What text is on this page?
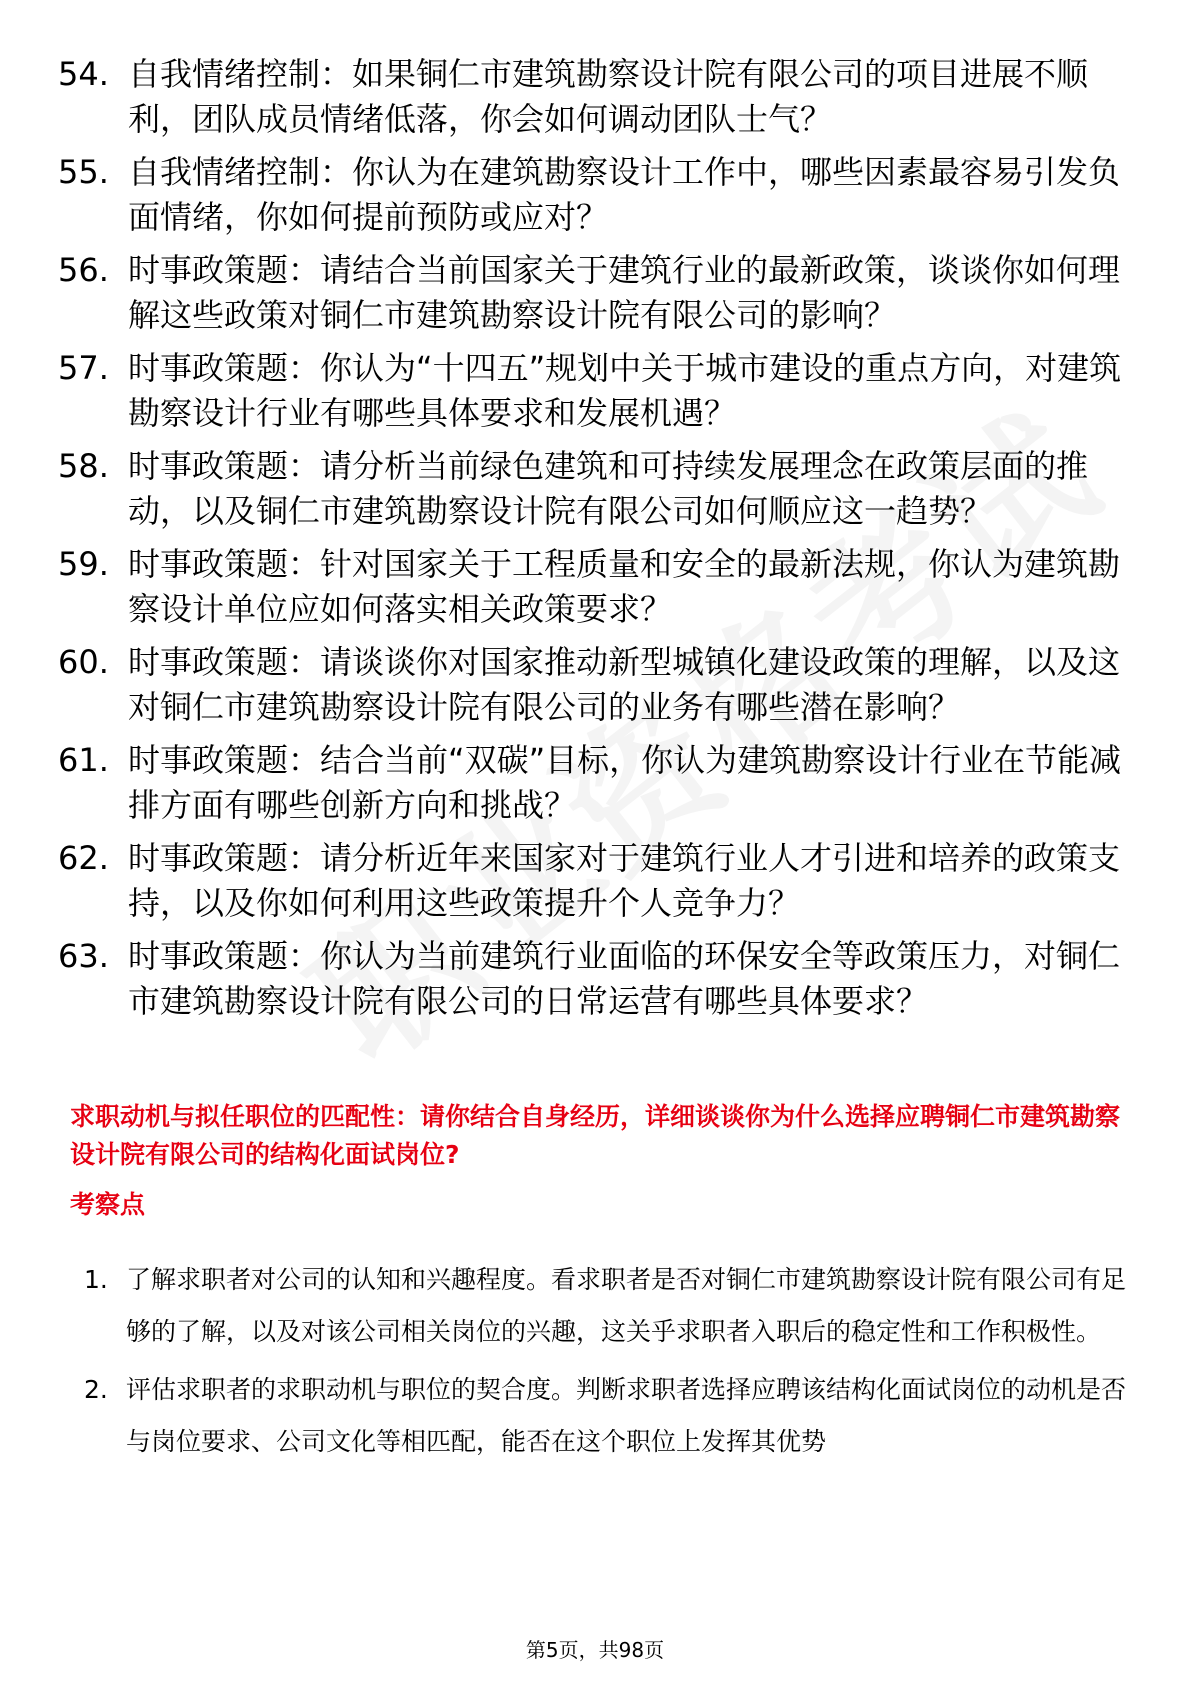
54. 自我情绪控制：如果铜仁市建筑勘察设计院有限公司的项目进展不顺利，团队成员情绪低落，你会如何调动团队士气？
55. 自我情绪控制：你认为在建筑勘察设计工作中，哪些因素最容易引发负面情绪，你如何提前预防或应对？
56. 时事政策题：请结合当前国家关于建筑行业的最新政策，谈谈你如何理解这些政策对铜仁市建筑勘察设计院有限公司的影响？
57. 时事政策题：你认为“十四五”规划中关于城市建设的重点方向，对建筑勘察设计行业有哪些具体要求和发展机遇？
58. 时事政策题：请分析当前绿色建筑和可持续发展理念在政策层面的推动，以及铜仁市建筑勘察设计院有限公司如何顺应这一趋势？
59. 时事政策题：针对国家关于工程质量和安全的最新法规，你认为建筑勘察设计单位应如何落实相关政策要求？
60. 时事政策题：请谈谈你对国家推动新型城镇化建设政策的理解，以及这对铜仁市建筑勘察设计院有限公司的业务有哪些潜在影响？
61. 时事政策题：结合当前“双碳”目标，你认为建筑勘察设计行业在节能减排方面有哪些创新方向和挑战？
62. 时事政策题：请分析近年来国家对于建筑行业人才引进和培养的政策支持，以及你如何利用这些政策提升个人竞争力？
63. 时事政策题：你认为当前建筑行业面临的环保安全等政策压力，对铜仁市建筑勘察设计院有限公司的日常运营有哪些具体要求？
求职动机与拟任职位的匹配性：请你结合自身经历，详细谈谈你为什么选择应聘铜仁市建筑勘察设计院有限公司的结构化面试岗位?
考察点
1. 了解求职者对公司的认知和兴趣程度。看求职者是否对铜仁市建筑勘察设计院有限公司有足够的了解，以及对该公司相关岗位的兴趣，这关乎求职者入职后的稳定性和工作积极性。
2. 评估求职者的求职动机与职位的契合度。判断求职者选择应聘该结构化面试岗位的动机是否与岗位要求、公司文化等相匹配，能否在这个职位上发挥其优势
第5页，共98页
